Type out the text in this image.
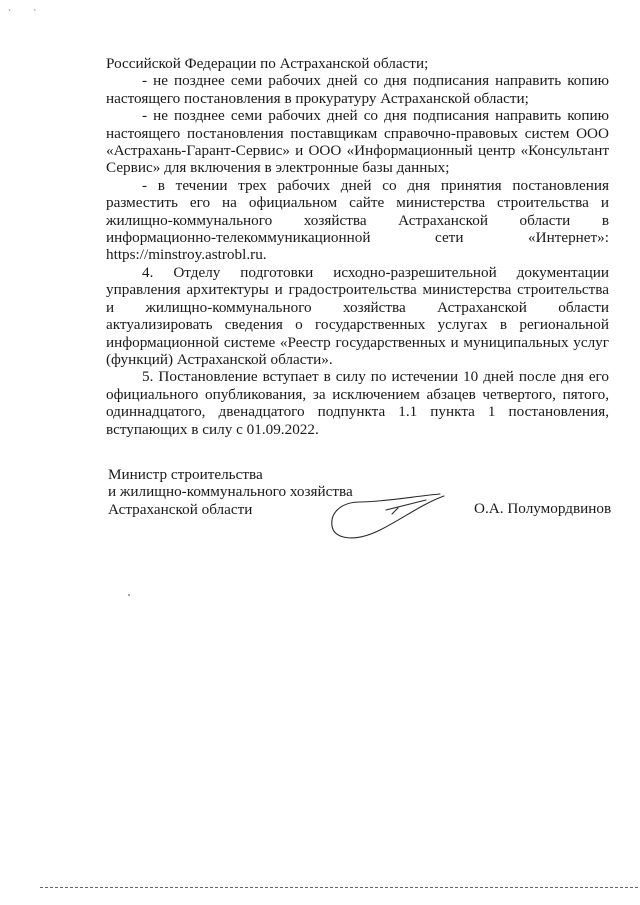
` `

Российской Федерации по Астраханской области;

- не позднее семи рабочих дней со дня подписания направить копию настоящего постановления в прокуратуру Астраханской области;

- не позднее семи рабочих дней со дня подписания направить копию настоящего постановления поставщикам справочно-правовых систем ООО «Астрахань-Гарант-Сервис» и ООО «Информационный центр «Консультант Сервис» для включения в электронные базы данных;

- в течении трех рабочих дней со дня принятия постановления разместить его на официальном сайте министерства строительства и жилищно-коммунального хозяйства Астраханской области в информационно-телекоммуникационной сети «Интернет»: https://minstroy.astrobl.ru.

4. Отделу подготовки исходно-разрешительной документации управления архитектуры и градостроительства министерства строительства и жилищно-коммунального хозяйства Астраханской области актуализировать сведения о государственных услугах в региональной информационной системе «Реестр государственных и муниципальных услуг (функций) Астраханской области».

5. Постановление вступает в силу по истечении 10 дней после дня его официального опубликования, за исключением абзацев четвертого, пятого, одиннадцатого, двенадцатого подпункта 1.1 пункта 1 постановления, вступающих в силу с 01.09.2022.

Министр строительства
и жилищно-коммунального хозяйства
Астраханской области	О.А. Полумордвинов
